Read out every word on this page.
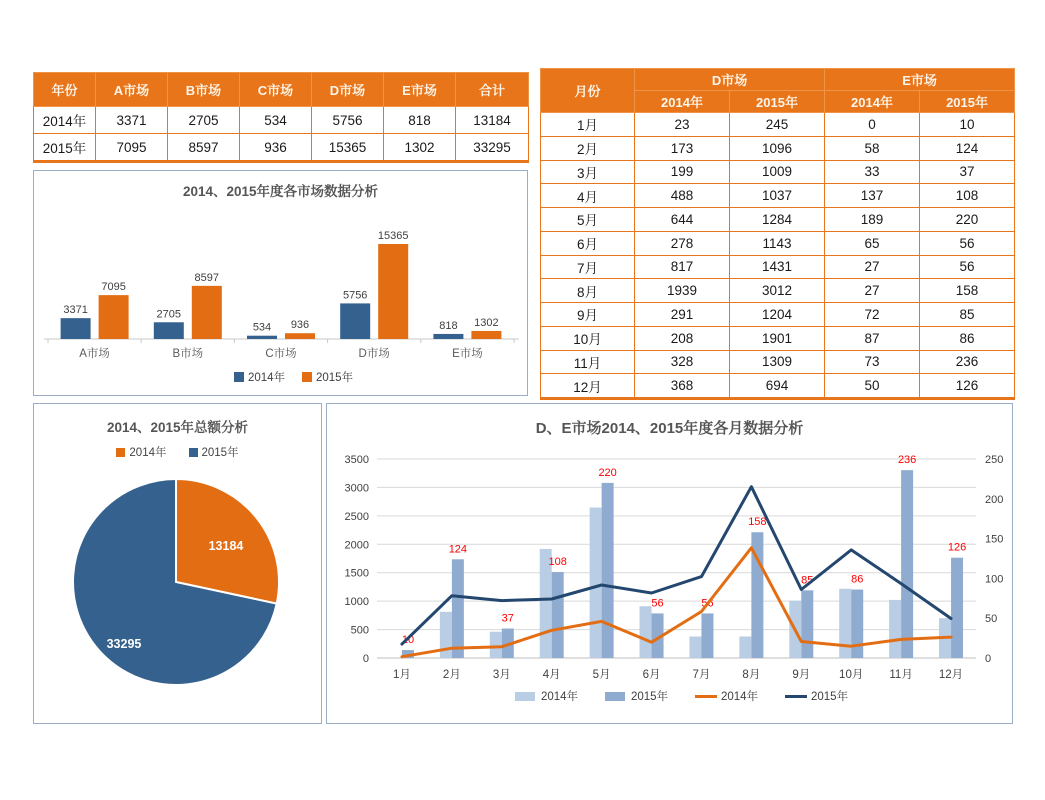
年份	A市场	B市场	C市场	D市场	E市场	合计
2014年	3371	2705	534	5756	818	13184
2015年	7095	8597	936	15365	1302	33295
月份	D市场		E市场	
	2014年	2015年	2014年	2015年
1月	23	245	0	10
2月	173	1096	58	124
3月	199	1009	33	37
4月	488	1037	137	108
5月	644	1284	189	220
6月	278	1143	65	56
7月	817	1431	27	56
8月	1939	3012	27	158
9月	291	1204	72	85
10月	208	1901	87	86
11月	328	1309	73	236
12月	368	694	50	126
2014、2015年度各市场数据分析
3371
7095
A市场
2705
8597
B市场
534 936
C市场
5756
15365
D市场
818 1302
E市场
2014年	2015年
2014、2015年总额分析
2014年	2015年
13184
33295
D、E市场2014、2015年度各月数据分析
0
500
1000
1500
2000
2500
3000
3500
0
50
100
150
200
250
10
1月
124
2月
37
3月
108
4月
220
5月
56
6月
56
7月
158
8月
85
9月
86
10月
236
11月
126
12月
2014年	2015年	2014年	2015年
